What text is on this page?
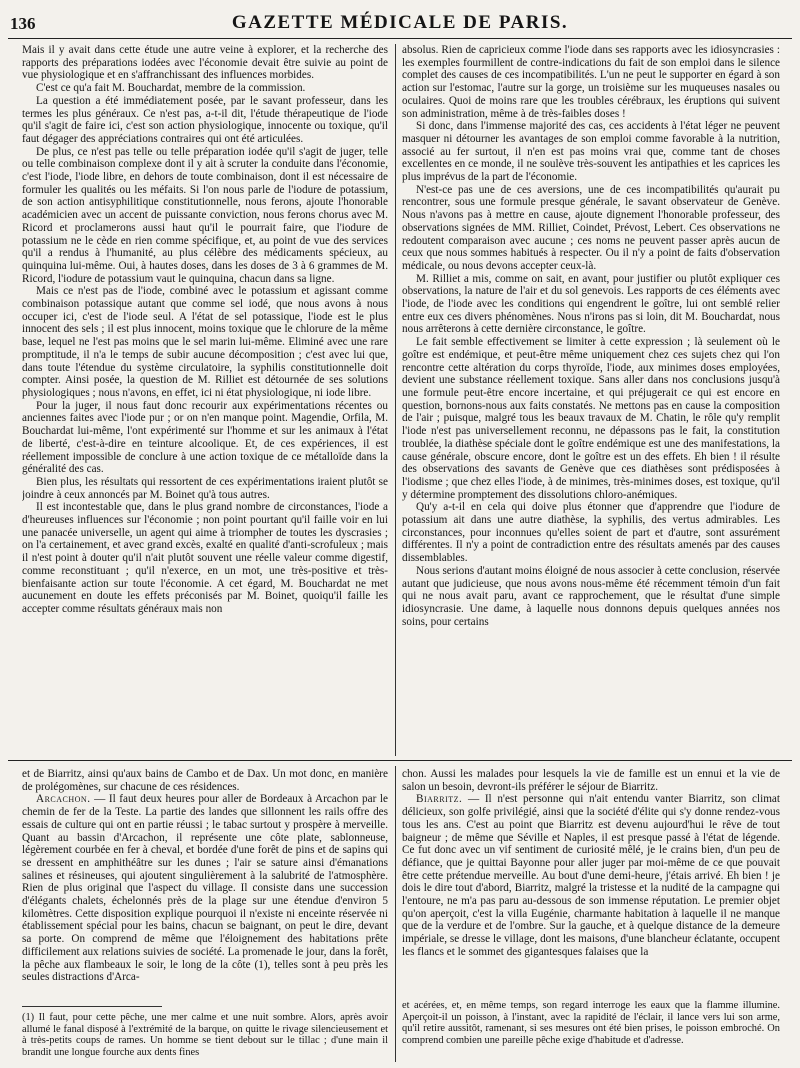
136	GAZETTE MÉDICALE DE PARIS.

Mais il y avait dans cette étude une autre veine à explorer, et la recherche des rapports des préparations iodées avec l'économie devait être suivie au point de vue physiologique et en s'affranchissant des influences morbides.

C'est ce qu'a fait M. Bouchardat, membre de la commission.

La question a été immédiatement posée, par le savant professeur, dans les termes les plus généraux. Ce n'est pas, a-t-il dit, l'étude thérapeutique de l'iode qu'il s'agit de faire ici, c'est son action physiologique, innocente ou toxique, qu'il faut dégager des appréciations contraires qui ont été articulées.

De plus, ce n'est pas telle ou telle préparation iodée qu'il s'agit de juger, telle ou telle combinaison complexe dont il y ait à scruter la conduite dans l'économie, c'est l'iode, l'iode libre, en dehors de toute combinaison, dont il est nécessaire de formuler les qualités ou les méfaits. Si l'on nous parle de l'iodure de potassium, de son action antisyphilitique constitutionnelle, nous ferons, ajoute l'honorable académicien avec un accent de puissante conviction, nous ferons chorus avec M. Ricord et proclamerons aussi haut qu'il le pourrait faire, que l'iodure de potassium ne le cède en rien comme spécifique, et, au point de vue des services qu'il a rendus à l'humanité, au plus célèbre des médicaments spécieux, au quinquina lui-même. Oui, à hautes doses, dans les doses de 3 à 6 grammes de M. Ricord, l'iodure de potassium vaut le quinquina, chacun dans sa ligne.

Mais ce n'est pas de l'iode, combiné avec le potassium et agissant comme combinaison potassique autant que comme sel iodé, que nous avons à nous occuper ici, c'est de l'iode seul. A l'état de sel potassique, l'iode est le plus innocent des sels ; il est plus innocent, moins toxique que le chlorure de la même base, lequel ne l'est pas moins que le sel marin lui-même. Eliminé avec une rare promptitude, il n'a le temps de subir aucune décomposition ; c'est avec lui que, dans toute l'étendue du système circulatoire, la syphilis constitutionnelle doit compter. Ainsi posée, la question de M. Rilliet est détournée de ses solutions physiologiques ; nous n'avons, en effet, ici ni état physiologique, ni iode libre.

Pour la juger, il nous faut donc recourir aux expérimentations récentes ou anciennes faites avec l'iode pur ; or on n'en manque point. Magendie, Orfila, M. Bouchardat lui-même, l'ont expérimenté sur l'homme et sur les animaux à l'état de liberté, c'est-à-dire en teinture alcoolique. Et, de ces expériences, il est réellement impossible de conclure à une action toxique de ce métalloïde dans la généralité des cas.

Bien plus, les résultats qui ressortent de ces expérimentations iraient plutôt se joindre à ceux annoncés par M. Boinet qu'à tous autres.

Il est incontestable que, dans le plus grand nombre de circonstances, l'iode a d'heureuses influences sur l'économie ; non point pourtant qu'il faille voir en lui une panacée universelle, un agent qui aime à triompher de toutes les dyscrasies ; on l'a certainement, et avec grand excès, exalté en qualité d'anti-scrofuleux ; mais il n'est point à douter qu'il n'ait plutôt souvent une réelle valeur comme digestif, comme reconstituant ; qu'il n'exerce, en un mot, une très-positive et très-bienfaisante action sur toute l'économie. A cet égard, M. Bouchardat ne met aucunement en doute les effets préconisés par M. Boinet, quoiqu'il faille les accepter comme résultats généraux mais non

absolus. Rien de capricieux comme l'iode dans ses rapports avec les idiosyncrasies : les exemples fourmillent de contre-indications du fait de son emploi dans le silence complet des causes de ces incompatibilités. L'un ne peut le supporter en égard à son action sur l'estomac, l'autre sur la gorge, un troisième sur les muqueuses nasales ou oculaires. Quoi de moins rare que les troubles cérébraux, les éruptions qui suivent son administration, même à de très-faibles doses !

Si donc, dans l'immense majorité des cas, ces accidents à l'état léger ne peuvent masquer ni détourner les avantages de son emploi comme favorable à la nutrition, associé au fer surtout, il n'en est pas moins vrai que, comme tant de choses excellentes en ce monde, il ne soulève très-souvent les antipathies et les caprices les plus imprévus de la part de l'économie.

N'est-ce pas une de ces aversions, une de ces incompatibilités qu'aurait pu rencontrer, sous une formule presque générale, le savant observateur de Genève. Nous n'avons pas à mettre en cause, ajoute dignement l'honorable professeur, des observations signées de MM. Rilliet, Coindet, Prévost, Lebert. Ces observations ne redoutent comparaison avec aucune ; ces noms ne peuvent passer après aucun de ceux que nous sommes habitués à respecter. Ou il n'y a point de faits d'observation médicale, ou nous devons accepter ceux-là.

M. Rilliet a mis, comme on sait, en avant, pour justifier ou plutôt expliquer ces observations, la nature de l'air et du sol genevois. Les rapports de ces éléments avec l'iode, de l'iode avec les conditions qui engendrent le goître, lui ont semblé relier entre eux ces divers phénomènes. Nous n'irons pas si loin, dit M. Bouchardat, nous nous arrêterons à cette dernière circonstance, le goître.

Le fait semble effectivement se limiter à cette expression ; là seulement où le goître est endémique, et peut-être même uniquement chez ces sujets chez qui l'on rencontre cette altération du corps thyroïde, l'iode, aux minimes doses employées, devient une substance réellement toxique. Sans aller dans nos conclusions jusqu'à une formule peut-être encore incertaine, et qui préjugerait ce qui est encore en question, bornons-nous aux faits constatés. Ne mettons pas en cause la composition de l'air ; puisque, malgré tous les beaux travaux de M. Chatin, le rôle qu'y remplit l'iode n'est pas universellement reconnu, ne dépassons pas le fait, la constitution troublée, la diathèse spéciale dont le goître endémique est une des manifestations, la cause générale, obscure encore, dont le goître est un des effets. Eh bien ! il résulte des observations des savants de Genève que ces diathèses sont prédisposées à l'iodisme ; que chez elles l'iode, à de minimes, très-minimes doses, est toxique, qu'il y détermine promptement des dissolutions chloro-anémiques.

Qu'y a-t-il en cela qui doive plus étonner que d'apprendre que l'iodure de potassium ait dans une autre diathèse, la syphilis, des vertus admirables. Les circonstances, pour inconnues qu'elles soient de part et d'autre, sont assurément différentes. Il n'y a point de contradiction entre des résultats amenés par des causes dissemblables.

Nous serions d'autant moins éloigné de nous associer à cette conclusion, réservée autant que judicieuse, que nous avons nous-même été récemment témoin d'un fait qui ne nous avait paru, avant ce rapprochement, que le résultat d'une simple idiosyncrasie. Une dame, à laquelle nous donnons depuis quelques années nos soins, pour certains

et de Biarritz, ainsi qu'aux bains de Cambo et de Dax. Un mot donc, en manière de prolégomènes, sur chacune de ces résidences.

Arcachon. — Il faut deux heures pour aller de Bordeaux à Arcachon par le chemin de fer de la Teste. La partie des landes que sillonnent les rails offre des essais de culture qui ont en partie réussi ; le tabac surtout y prospère à merveille. Quant au bassin d'Arcachon, il représente une côte plate, sablonneuse, légèrement courbée en fer à cheval, et bordée d'une forêt de pins et de sapins qui se dressent en amphithéâtre sur les dunes ; l'air se sature ainsi d'émanations salines et résineuses, qui ajoutent singulièrement à la salubrité de l'atmosphère. Rien de plus original que l'aspect du village. Il consiste dans une succession d'élégants chalets, échelonnés près de la plage sur une étendue d'environ 5 kilomètres. Cette disposition explique pourquoi il n'existe ni enceinte réservée ni établissement spécial pour les bains, chacun se baignant, on peut le dire, devant sa porte. On comprend de même que l'éloignement des habitations prête difficilement aux relations suivies de société. La promenade le jour, dans la forêt, la pêche aux flambeaux le soir, le long de la côte (1), telles sont à peu près les seules distractions d'Arca-

chon. Aussi les malades pour lesquels la vie de famille est un ennui et la vie de salon un besoin, devront-ils préférer le séjour de Biarritz.

Biarritz. — Il n'est personne qui n'ait entendu vanter Biarritz, son climat délicieux, son golfe privilégié, ainsi que la société d'élite qui s'y donne rendez-vous tous les ans. C'est au point que Biarritz est devenu aujourd'hui le rêve de tout baigneur ; de même que Séville et Naples, il est presque passé à l'état de légende. Ce fut donc avec un vif sentiment de curiosité mêlé, je le crains bien, d'un peu de défiance, que je quittai Bayonne pour aller juger par moi-même de ce que pouvait être cette prétendue merveille. Au bout d'une demi-heure, j'étais arrivé. Eh bien ! je dois le dire tout d'abord, Biarritz, malgré la tristesse et la nudité de la campagne qui l'entoure, ne m'a pas paru au-dessous de son immense réputation. Le premier objet qu'on aperçoit, c'est la villa Eugénie, charmante habitation à laquelle il ne manque que de la verdure et de l'ombre. Sur la gauche, et à quelque distance de la demeure impériale, se dresse le village, dont les maisons, d'une blancheur éclatante, occupent les flancs et le sommet des gigantesques falaises que la

(1) Il faut, pour cette pêche, une mer calme et une nuit sombre. Alors, après avoir allumé le fanal disposé à l'extrémité de la barque, on quitte le rivage silencieusement et à très-petits coups de rames. Un homme se tient debout sur le tillac ; d'une main il brandit une longue fourche aux dents fines

et acérées, et, en même temps, son regard interroge les eaux que la flamme illumine. Aperçoit-il un poisson, à l'instant, avec la rapidité de l'éclair, il lance vers lui son arme, qu'il retire aussitôt, ramenant, si ses mesures ont été bien prises, le poisson embroché. On comprend combien une pareille pêche exige d'habitude et d'adresse.
